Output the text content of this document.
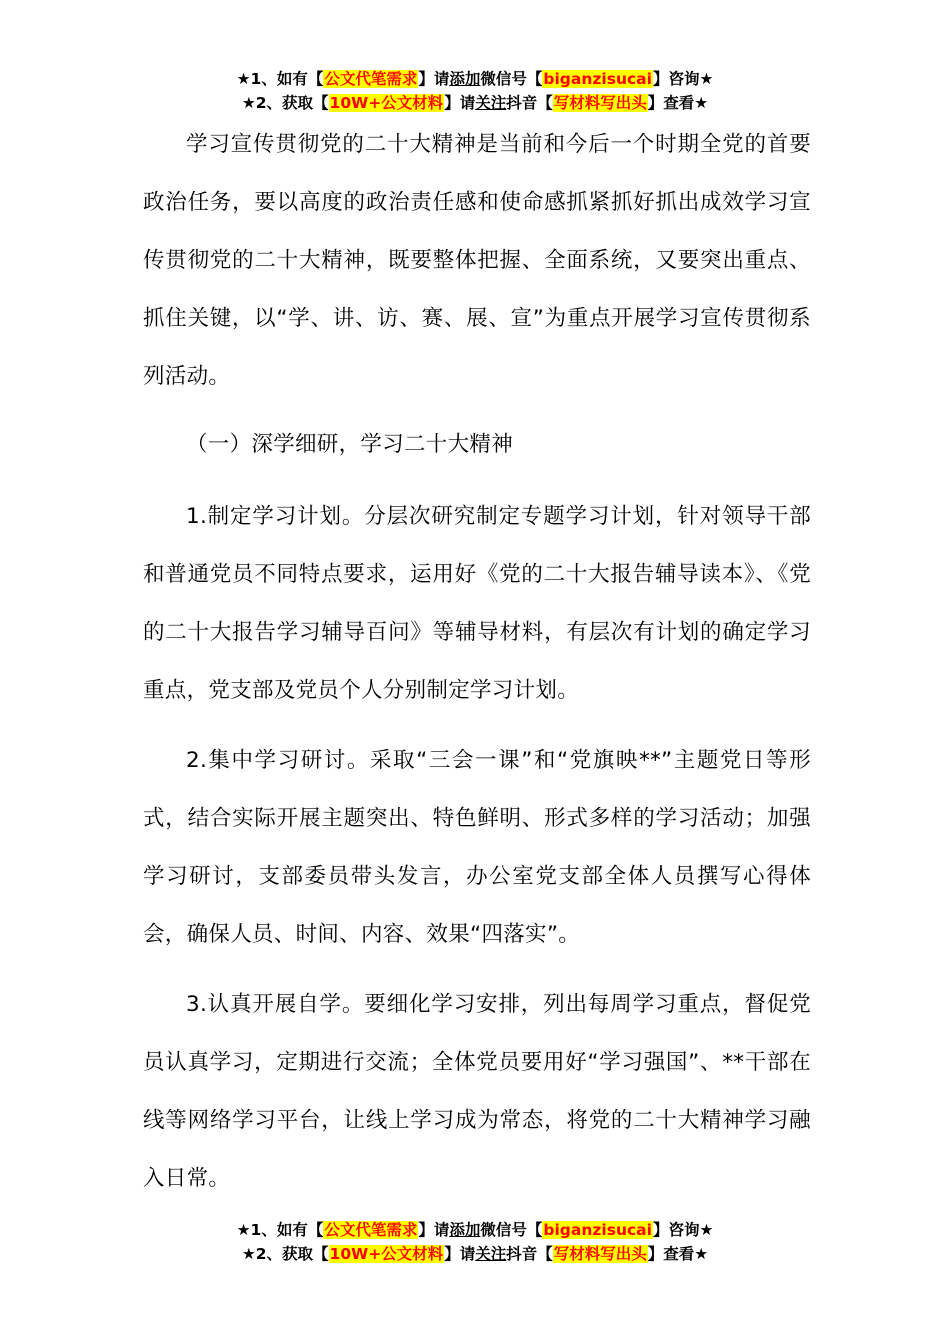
★1、如有【公文代笔需求】请添加微信号【biganzisucai】咨询★
★2、获取【10W+公文材料】请关注抖音【写材料写出头】查看★

学习宣传贯彻党的二十大精神是当前和今后一个时期全党的首要政治任务，要以高度的政治责任感和使命感抓紧抓好抓出成效学习宣传贯彻党的二十大精神，既要整体把握、全面系统，又要突出重点、抓住关键，以“学、讲、访、赛、展、宣”为重点开展学习宣传贯彻系列活动。

（一）深学细研，学习二十大精神

1.制定学习计划。分层次研究制定专题学习计划，针对领导干部和普通党员不同特点要求，运用好《党的二十大报告辅导读本》、《党的二十大报告学习辅导百问》等辅导材料，有层次有计划的确定学习重点，党支部及党员个人分别制定学习计划。

2.集中学习研讨。采取“三会一课”和“党旗映**”主题党日等形式，结合实际开展主题突出、特色鲜明、形式多样的学习活动；加强学习研讨，支部委员带头发言，办公室党支部全体人员撰写心得体会，确保人员、时间、内容、效果“四落实”。

3.认真开展自学。要细化学习安排，列出每周学习重点，督促党员认真学习，定期进行交流；全体党员要用好“学习强国”、**干部在线等网络学习平台，让线上学习成为常态，将党的二十大精神学习融入日常。

★1、如有【公文代笔需求】请添加微信号【biganzisucai】咨询★
★2、获取【10W+公文材料】请关注抖音【写材料写出头】查看★
